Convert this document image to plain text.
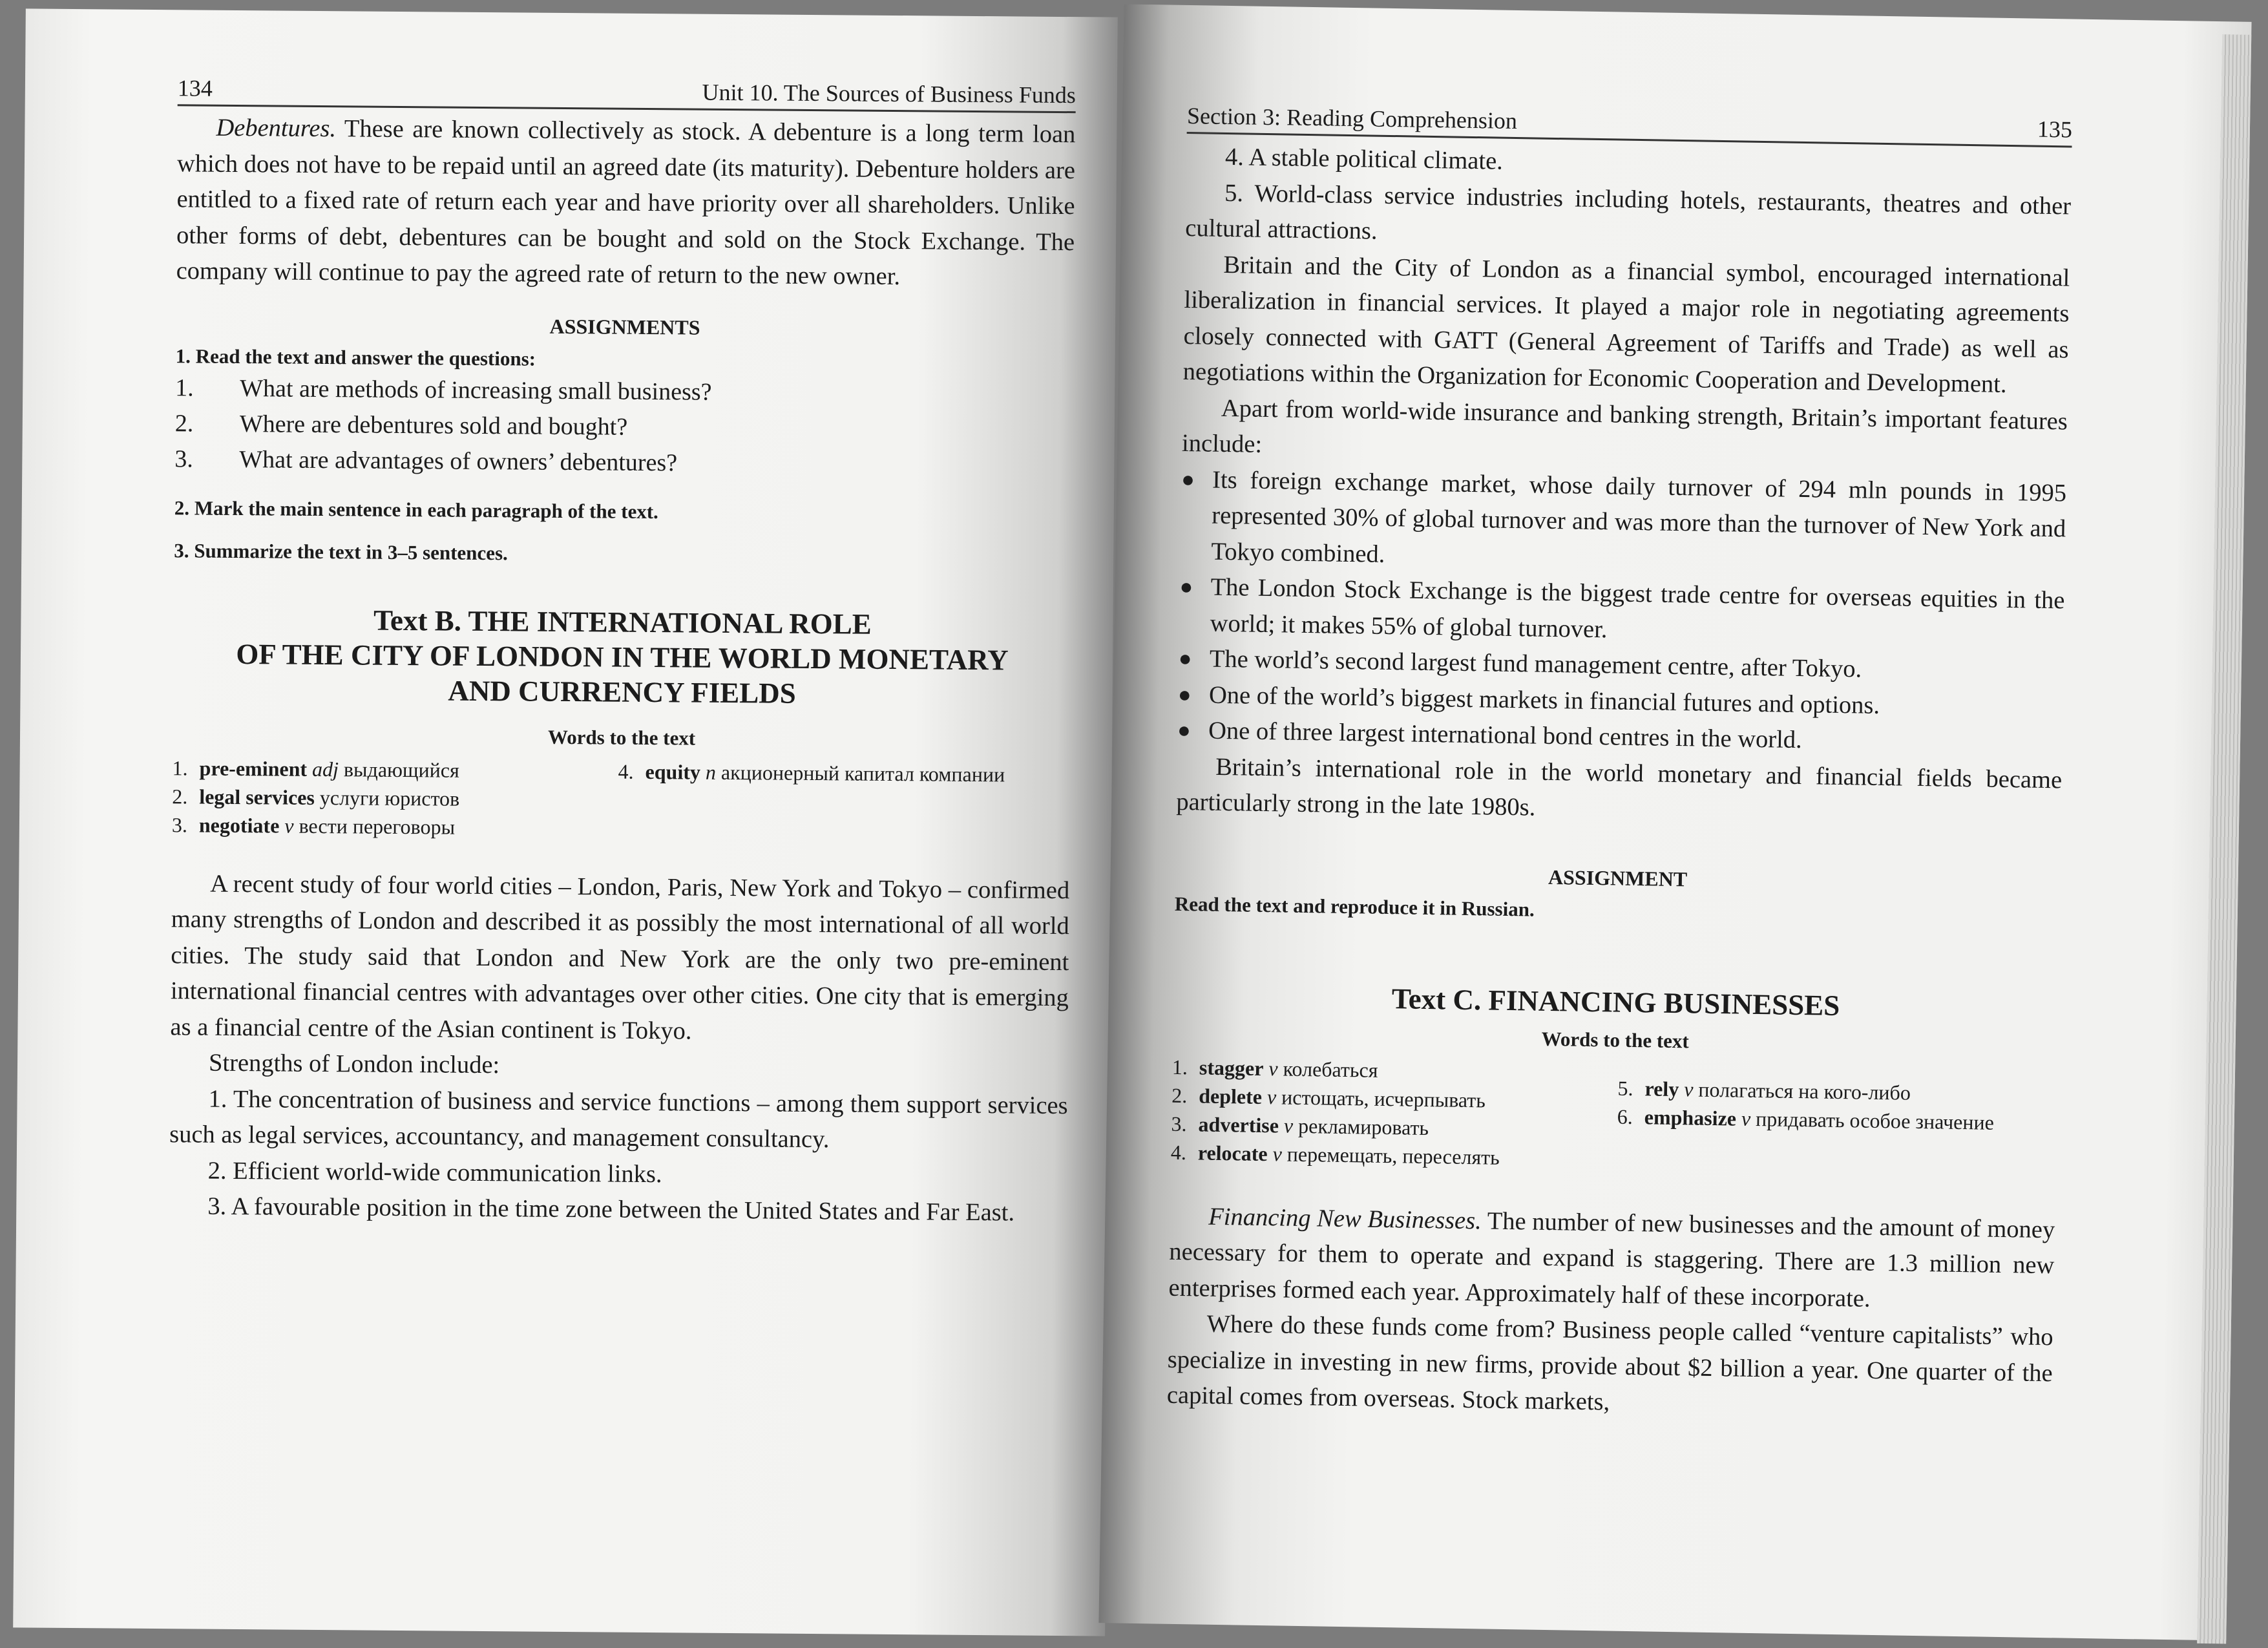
134	Unit 10. The Sources of Business Funds

Debentures. These are known collectively as stock. A debenture is a long term loan which does not have to be repaid until an agreed date (its maturity). Debenture holders are entitled to a fixed rate of return each year and have priority over all shareholders. Unlike other forms of debt, debentures can be bought and sold on the Stock Exchange. The company will continue to pay the agreed rate of return to the new owner.

ASSIGNMENTS
1. Read the text and answer the questions:
1.	What are methods of increasing small business?
2.	Where are debentures sold and bought?
3.	What are advantages of owners’ debentures?
2. Mark the main sentence in each paragraph of the text.
3. Summarize the text in 3–5 sentences.
Text B. THE INTERNATIONAL ROLE
OF THE CITY OF LONDON IN THE WORLD MONETARY
AND CURRENCY FIELDS
Words to the text
1. pre-eminent adj выдающийся
2. legal services услуги юристов
3. negotiate v вести переговоры
4. equity n акционерный капитал компании

A recent study of four world cities – London, Paris, New York and Tokyo – confirmed many strengths of London and described it as possibly the most international of all world cities. The study said that London and New York are the only two pre-eminent international financial centres with advantages over other cities. One city that is emerging as a financial centre of the Asian continent is Tokyo.

Strengths of London include:

1. The concentration of business and service functions – among them support services such as legal services, accountancy, and management consultancy.

2. Efficient world-wide communication links.

3. A favourable position in the time zone between the United States and Far East.

Section 3: Reading Comprehension	135

4. A stable political climate.

5. World-class service industries including hotels, restaurants, theatres and other cultural attractions.

Britain and the City of London as a financial symbol, encouraged international liberalization in financial services. It played a major role in negotiating agreements closely connected with GATT (General Agreement of Tariffs and Trade) as well as negotiations within the Organization for Economic Cooperation and Development.

Apart from world-wide insurance and banking strength, Britain’s important features include:

● Its foreign exchange market, whose daily turnover of 294 mln pounds in 1995 represented 30% of global turnover and was more than the turnover of New York and Tokyo combined.
● The London Stock Exchange is the biggest trade centre for overseas equities in the world; it makes 55% of global turnover.
● The world’s second largest fund management centre, after Tokyo.
● One of the world’s biggest markets in financial futures and options.
● One of three largest international bond centres in the world.

Britain’s international role in the world monetary and financial fields became particularly strong in the late 1980s.

ASSIGNMENT
Read the text and reproduce it in Russian.
Text C. FINANCING BUSINESSES
Words to the text
1. stagger v колебаться
2. deplete v истощать, исчерпывать
3. advertise v рекламировать
4. relocate v перемещать, переселять
5. rely v полагаться на кого-либо
6. emphasize v придавать особое значение

Financing New Businesses. The number of new businesses and the amount of money necessary for them to operate and expand is staggering. There are 1.3 million new enterprises formed each year. Approximately half of these incorporate.

Where do these funds come from? Business people called “venture capitalists” who specialize in investing in new firms, provide about $2 billion a year. One quarter of the capital comes from overseas. Stock markets,
